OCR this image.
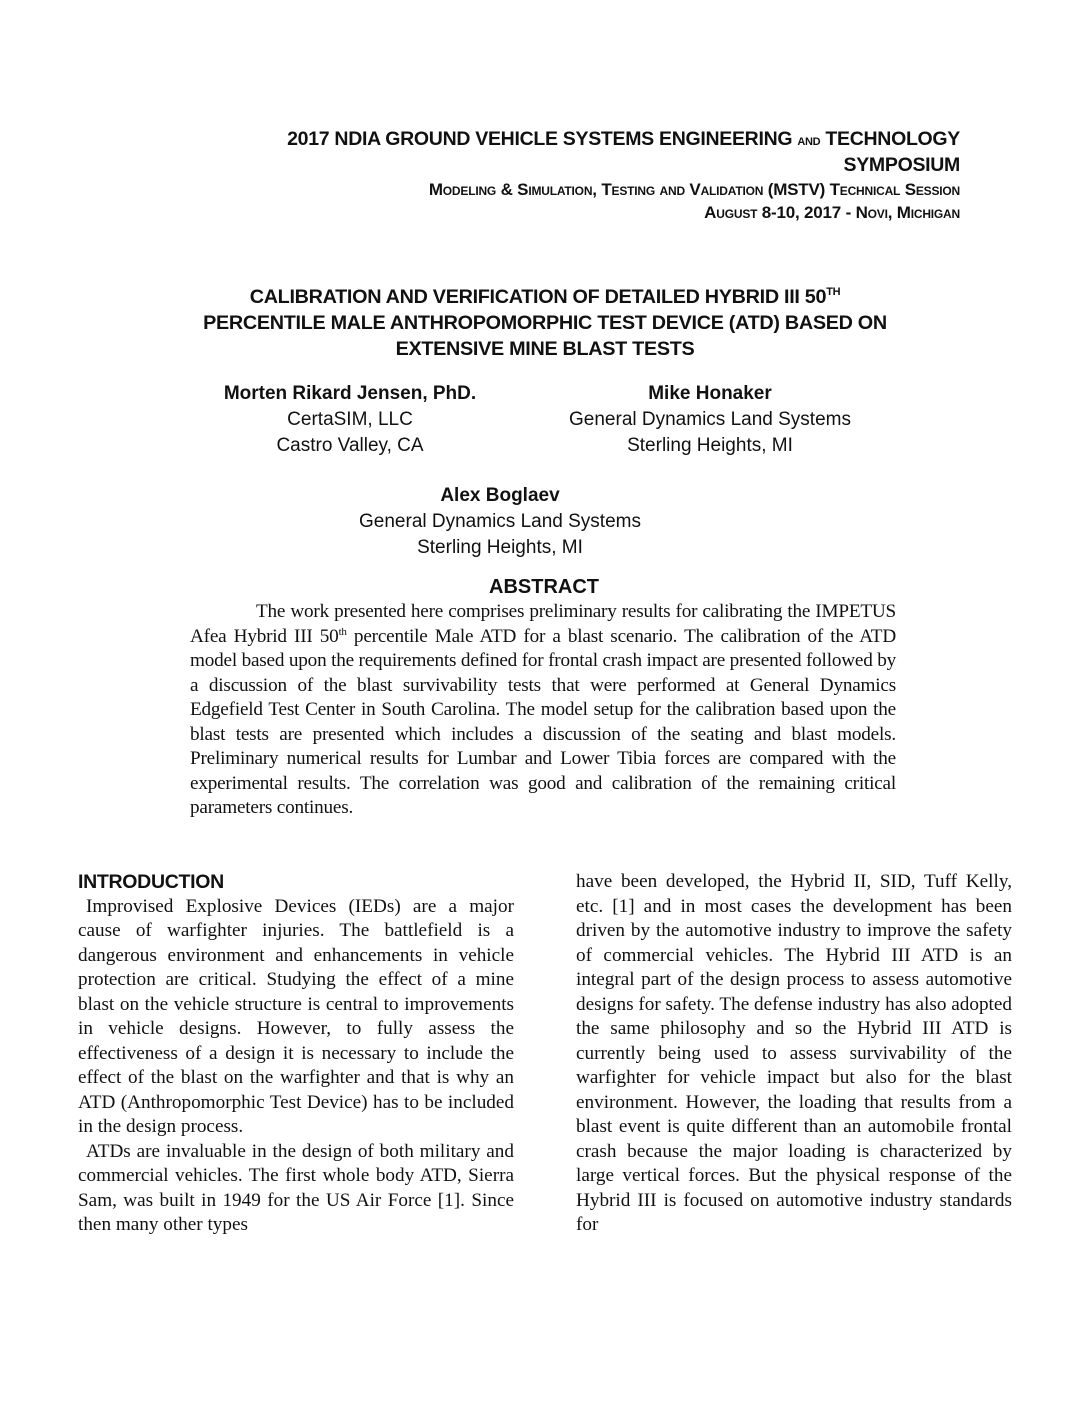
2017 NDIA GROUND VEHICLE SYSTEMS ENGINEERING and TECHNOLOGY
SYMPOSIUM
Modeling & Simulation, Testing and Validation (MSTV) Technical Session
August 8-10, 2017 - Novi, Michigan
CALIBRATION AND VERIFICATION OF DETAILED HYBRID III 50TH
PERCENTILE MALE ANTHROPOMORPHIC TEST DEVICE (ATD) BASED ON
EXTENSIVE MINE BLAST TESTS
Morten Rikard Jensen, PhD.
CertaSIM, LLC
Castro Valley, CA
Mike Honaker
General Dynamics Land Systems
Sterling Heights, MI
Alex Boglaev
General Dynamics Land Systems
Sterling Heights, MI
ABSTRACT
The work presented here comprises preliminary results for calibrating the IMPETUS Afea Hybrid III 50th percentile Male ATD for a blast scenario. The calibration of the ATD model based upon the requirements defined for frontal crash impact are presented followed by a discussion of the blast survivability tests that were performed at General Dynamics Edgefield Test Center in South Carolina. The model setup for the calibration based upon the blast tests are presented which includes a discussion of the seating and blast models. Preliminary numerical results for Lumbar and Lower Tibia forces are compared with the experimental results. The correlation was good and calibration of the remaining critical parameters continues.
INTRODUCTION

Improvised Explosive Devices (IEDs) are a major cause of warfighter injuries. The battlefield is a dangerous environment and enhancements in vehicle protection are critical. Studying the effect of a mine blast on the vehicle structure is central to improvements in vehicle designs. However, to fully assess the effectiveness of a design it is necessary to include the effect of the blast on the warfighter and that is why an ATD (Anthropomorphic Test Device) has to be included in the design process.

ATDs are invaluable in the design of both military and commercial vehicles. The first whole body ATD, Sierra Sam, was built in 1949 for the US Air Force [1]. Since then many other types

have been developed, the Hybrid II, SID, Tuff Kelly, etc. [1] and in most cases the development has been driven by the automotive industry to improve the safety of commercial vehicles. The Hybrid III ATD is an integral part of the design process to assess automotive designs for safety. The defense industry has also adopted the same philosophy and so the Hybrid III ATD is currently being used to assess survivability of the warfighter for vehicle impact but also for the blast environment. However, the loading that results from a blast event is quite different than an automobile frontal crash because the major loading is characterized by large vertical forces. But the physical response of the Hybrid III is focused on automotive industry standards for
